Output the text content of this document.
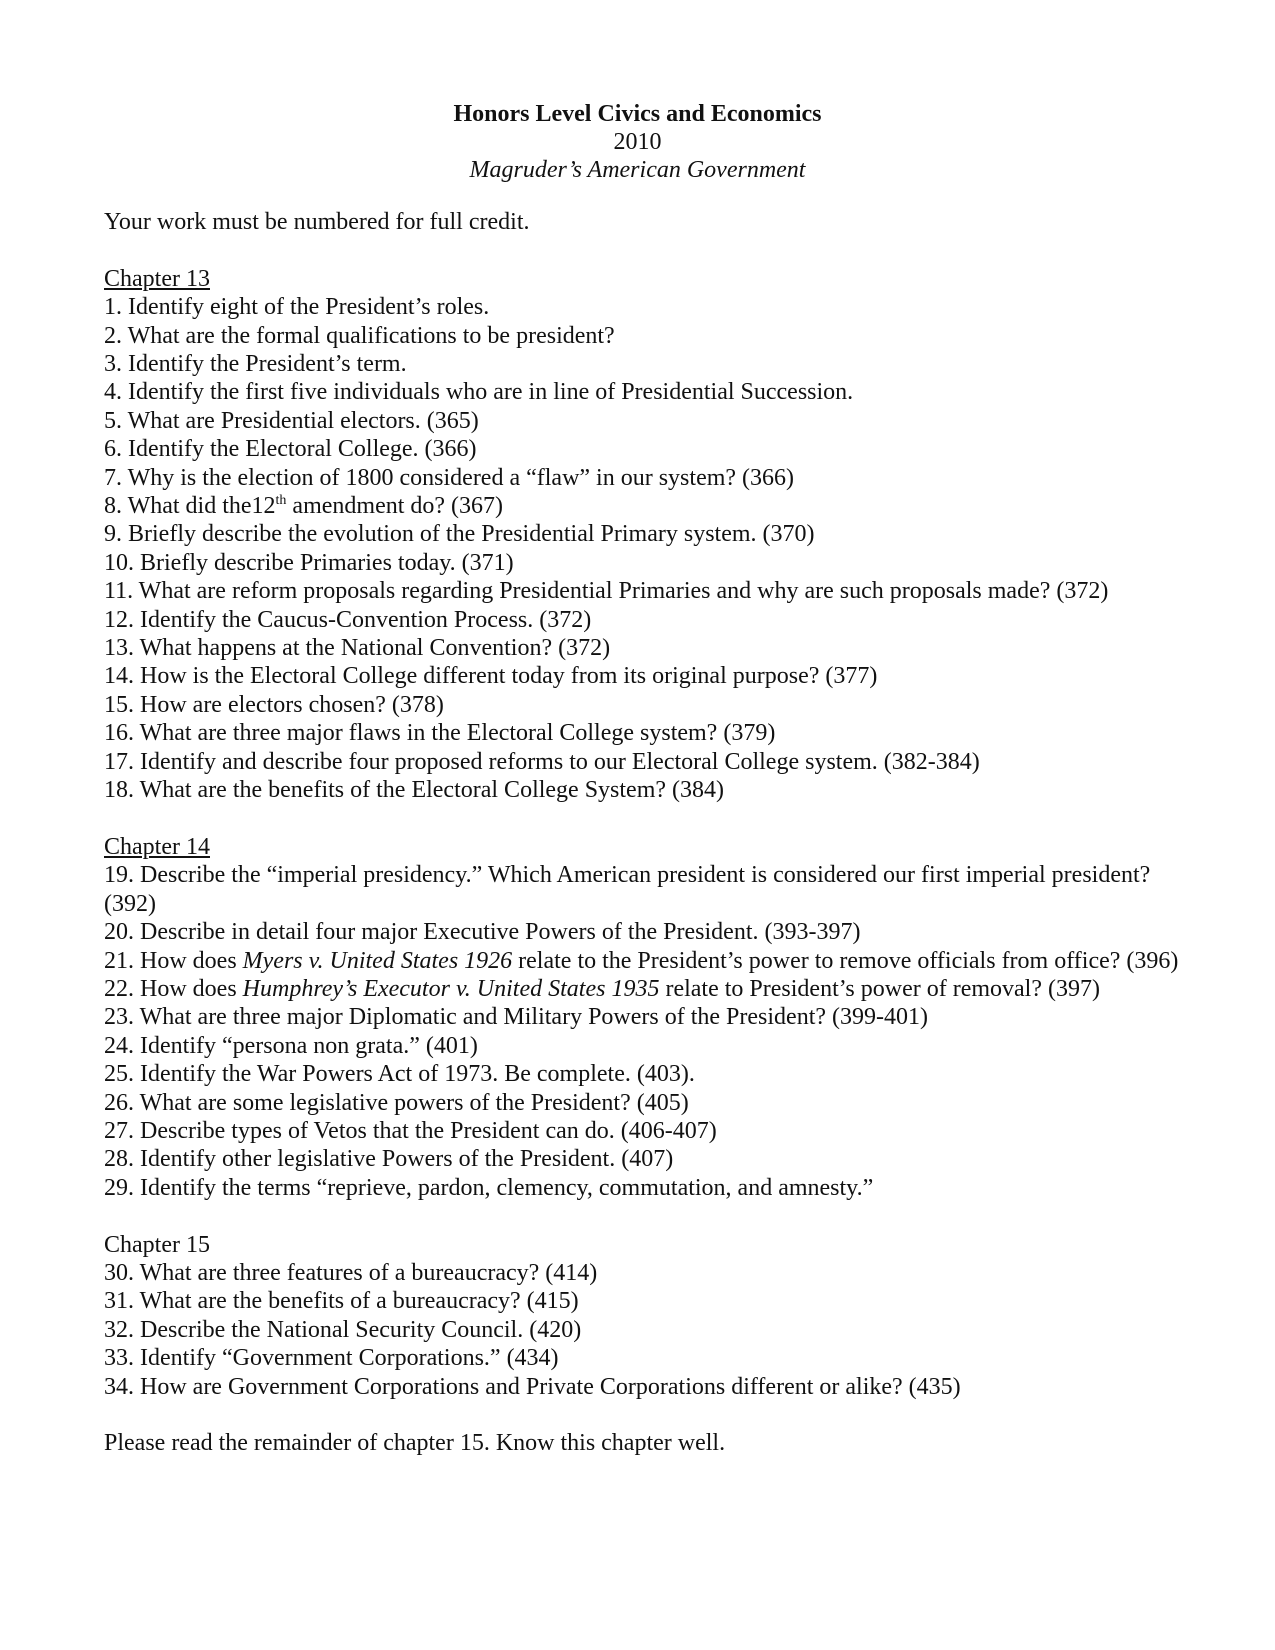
Honors Level Civics and Economics
2010
Magruder’s American Government
Your work must be numbered for full credit.
Chapter 13
1. Identify eight of the President’s roles.
2. What are the formal qualifications to be president?
3. Identify the President’s term.
4. Identify the first five individuals who are in line of Presidential Succession.
5. What are Presidential electors. (365)
6. Identify the Electoral College. (366)
7. Why is the election of 1800 considered a “flaw” in our system? (366)
8. What did the12th amendment do? (367)
9. Briefly describe the evolution of the Presidential Primary system. (370)
10. Briefly describe Primaries today. (371)
11. What are reform proposals regarding Presidential Primaries and why are such proposals made? (372)
12. Identify the Caucus-Convention Process. (372)
13. What happens at the National Convention? (372)
14. How is the Electoral College different today from its original purpose? (377)
15. How are electors chosen? (378)
16. What are three major flaws in the Electoral College system? (379)
17. Identify and describe four proposed reforms to our Electoral College system. (382-384)
18. What are the benefits of the Electoral College System? (384)
Chapter 14
19. Describe the “imperial presidency.” Which American president is considered our first imperial president? (392)
20. Describe in detail four major Executive Powers of the President. (393-397)
21. How does Myers v. United States 1926 relate to the President’s power to remove officials from office? (396)
22. How does Humphrey’s Executor v. United States 1935 relate to President’s power of removal? (397)
23. What are three major Diplomatic and Military Powers of the President? (399-401)
24. Identify “persona non grata.” (401)
25. Identify the War Powers Act of 1973. Be complete. (403).
26. What are some legislative powers of the President? (405)
27. Describe types of Vetos that the President can do. (406-407)
28. Identify other legislative Powers of the President. (407)
29. Identify the terms “reprieve, pardon, clemency, commutation, and amnesty.”
Chapter 15
30. What are three features of a bureaucracy? (414)
31. What are the benefits of a bureaucracy? (415)
32. Describe the National Security Council. (420)
33. Identify “Government Corporations.” (434)
34. How are Government Corporations and Private Corporations different or alike? (435)
Please read the remainder of chapter 15. Know this chapter well.
